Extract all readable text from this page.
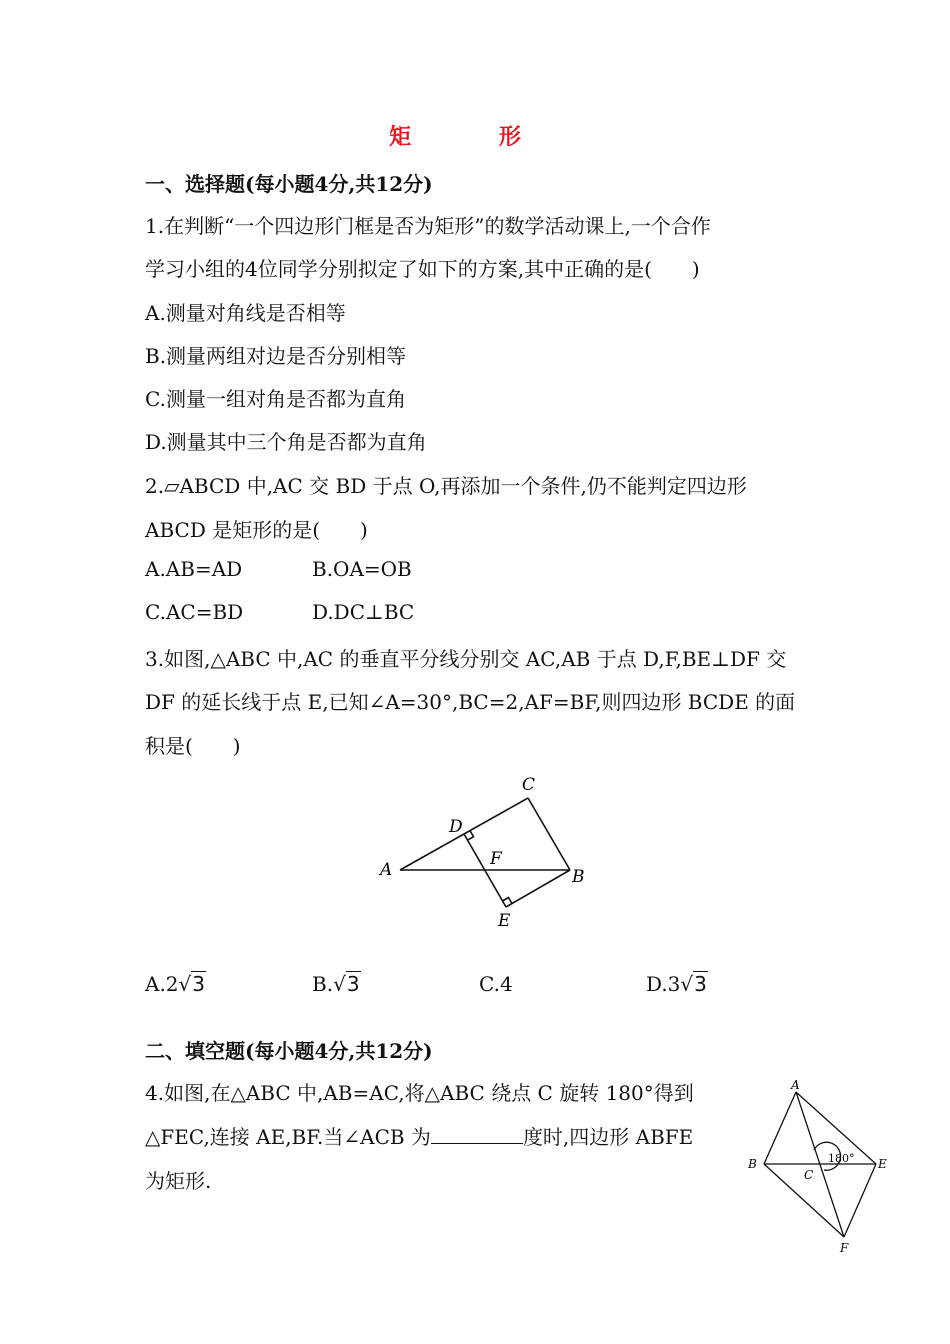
矩 形
一、选择题(每小题4分,共12分)
1.在判断“一个四边形门框是否为矩形”的数学活动课上,一个合作
学习小组的4位同学分别拟定了如下的方案,其中正确的是(　　)
A.测量对角线是否相等
B.测量两组对边是否分别相等
C.测量一组对角是否都为直角
D.测量其中三个角是否都为直角
2.▱ABCD 中,AC 交 BD 于点 O,再添加一个条件,仍不能判定四边形
ABCD 是矩形的是(　　)
A.AB=AD	B.OA=OB
C.AC=BD	D.DC⊥BC
3.如图,△ABC 中,AC 的垂直平分线分别交 AC,AB 于点 D,F,BE⊥DF 交
DF 的延长线于点 E,已知∠A=30°,BC=2,AF=BF,则四边形 BCDE 的面
积是(　　)
A	B
C
D
E
F
A.2√3	B.√3	C.4	D.3√3
二、填空题(每小题4分,共12分)
4.如图,在△ABC 中,AB=AC,将△ABC 绕点 C 旋转 180°得到
△FEC,连接 AE,BF.当∠ACB 为	度时,四边形 ABFE
为矩形.
A
B
C
E
F
180°
